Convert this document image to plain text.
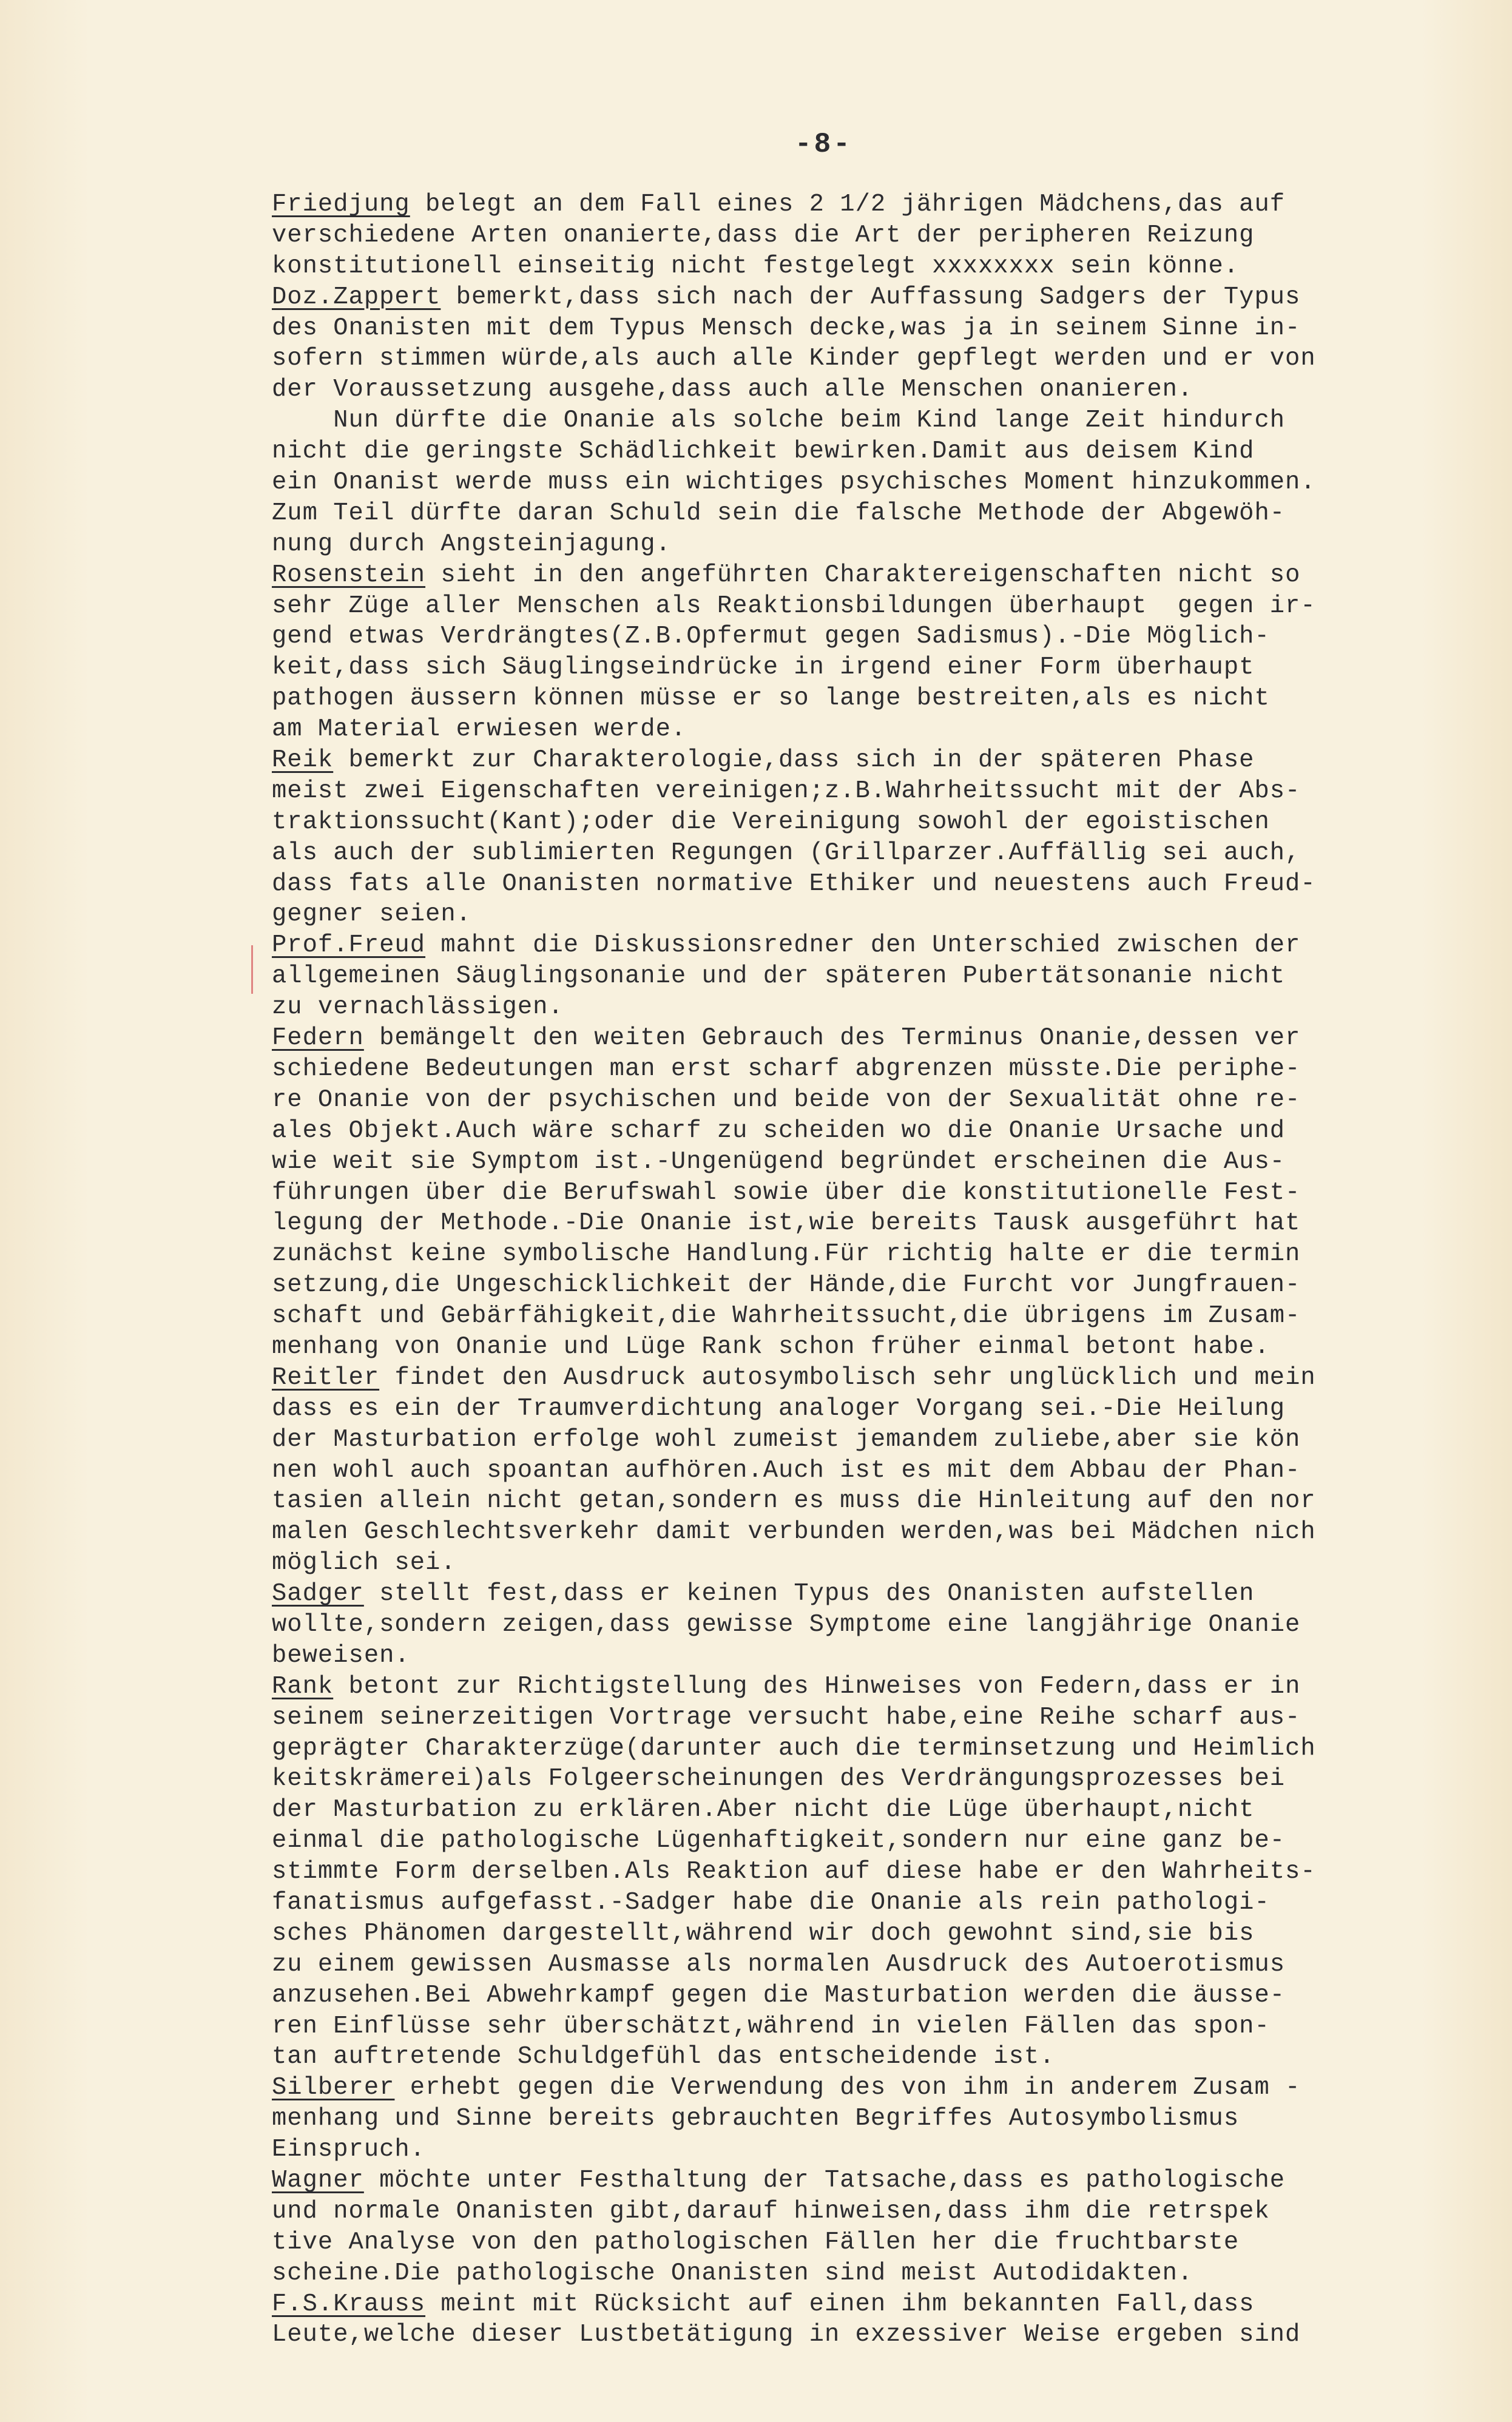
-8-
Friedjung belegt an dem Fall eines 2 1/2 jährigen Mädchens,das auf
verschiedene Arten onanierte,dass die Art der peripheren Reizung
konstitutionell einseitig nicht festgelegt xxxxxxxx sein könne.
Doz.Zappert bemerkt,dass sich nach der Auffassung Sadgers der Typus
des Onanisten mit dem Typus Mensch decke,was ja in seinem Sinne in-
sofern stimmen würde,als auch alle Kinder gepflegt werden und er von
der Voraussetzung ausgehe,dass auch alle Menschen onanieren.
Nun dürfte die Onanie als solche beim Kind lange Zeit hindurch
nicht die geringste Schädlichkeit bewirken.Damit aus deisem Kind
ein Onanist werde muss ein wichtiges psychisches Moment hinzukommen.
Zum Teil dürfte daran Schuld sein die falsche Methode der Abgewöh-
nung durch Angsteinjagung.
Rosenstein sieht in den angeführten Charaktereigenschaften nicht so
sehr Züge aller Menschen als Reaktionsbildungen überhaupt  gegen ir-
gend etwas Verdrängtes(Z.B.Opfermut gegen Sadismus).-Die Möglich-
keit,dass sich Säuglingseindrücke in irgend einer Form überhaupt
pathogen äussern können müsse er so lange bestreiten,als es nicht
am Material erwiesen werde.
Reik bemerkt zur Charakterologie,dass sich in der späteren Phase
meist zwei Eigenschaften vereinigen;z.B.Wahrheitssucht mit der Abs-
traktionssucht(Kant);oder die Vereinigung sowohl der egoistischen
als auch der sublimierten Regungen (Grillparzer.Auffällig sei auch,
dass fats alle Onanisten normative Ethiker und neuestens auch Freud-
gegner seien.
Prof.Freud mahnt die Diskussionsredner den Unterschied zwischen der
allgemeinen Säuglingsonanie und der späteren Pubertätsonanie nicht
zu vernachlässigen.
Federn bemängelt den weiten Gebrauch des Terminus Onanie,dessen ver
schiedene Bedeutungen man erst scharf abgrenzen müsste.Die periphe-
re Onanie von der psychischen und beide von der Sexualität ohne re-
ales Objekt.Auch wäre scharf zu scheiden wo die Onanie Ursache und
wie weit sie Symptom ist.-Ungenügend begründet erscheinen die Aus-
führungen über die Berufswahl sowie über die konstitutionelle Fest-
legung der Methode.-Die Onanie ist,wie bereits Tausk ausgeführt hat
zunächst keine symbolische Handlung.Für richtig halte er die termin
setzung,die Ungeschicklichkeit der Hände,die Furcht vor Jungfrauen-
schaft und Gebärfähigkeit,die Wahrheitssucht,die übrigens im Zusam-
menhang von Onanie und Lüge Rank schon früher einmal betont habe.
Reitler findet den Ausdruck autosymbolisch sehr unglücklich und mein
dass es ein der Traumverdichtung analoger Vorgang sei.-Die Heilung
der Masturbation erfolge wohl zumeist jemandem zuliebe,aber sie kön
nen wohl auch spoantan aufhören.Auch ist es mit dem Abbau der Phan-
tasien allein nicht getan,sondern es muss die Hinleitung auf den nor
malen Geschlechtsverkehr damit verbunden werden,was bei Mädchen nich
möglich sei.
Sadger stellt fest,dass er keinen Typus des Onanisten aufstellen
wollte,sondern zeigen,dass gewisse Symptome eine langjährige Onanie
beweisen.
Rank betont zur Richtigstellung des Hinweises von Federn,dass er in
seinem seinerzeitigen Vortrage versucht habe,eine Reihe scharf aus-
geprägter Charakterzüge(darunter auch die terminsetzung und Heimlich
keitskrämerei)als Folgeerscheinungen des Verdrängungsprozesses bei
der Masturbation zu erklären.Aber nicht die Lüge überhaupt,nicht
einmal die pathologische Lügenhaftigkeit,sondern nur eine ganz be-
stimmte Form derselben.Als Reaktion auf diese habe er den Wahrheits-
fanatismus aufgefasst.-Sadger habe die Onanie als rein pathologi-
sches Phänomen dargestellt,während wir doch gewohnt sind,sie bis
zu einem gewissen Ausmasse als normalen Ausdruck des Autoerotismus
anzusehen.Bei Abwehrkampf gegen die Masturbation werden die äusse-
ren Einflüsse sehr überschätzt,während in vielen Fällen das spon-
tan auftretende Schuldgefühl das entscheidende ist.
Silberer erhebt gegen die Verwendung des von ihm in anderem Zusam -
menhang und Sinne bereits gebrauchten Begriffes Autosymbolismus
Einspruch.
Wagner möchte unter Festhaltung der Tatsache,dass es pathologische
und normale Onanisten gibt,darauf hinweisen,dass ihm die retrspek
tive Analyse von den pathologischen Fällen her die fruchtbarste
scheine.Die pathologische Onanisten sind meist Autodidakten.
F.S.Krauss meint mit Rücksicht auf einen ihm bekannten Fall,dass
Leute,welche dieser Lustbetätigung in exzessiver Weise ergeben sind
